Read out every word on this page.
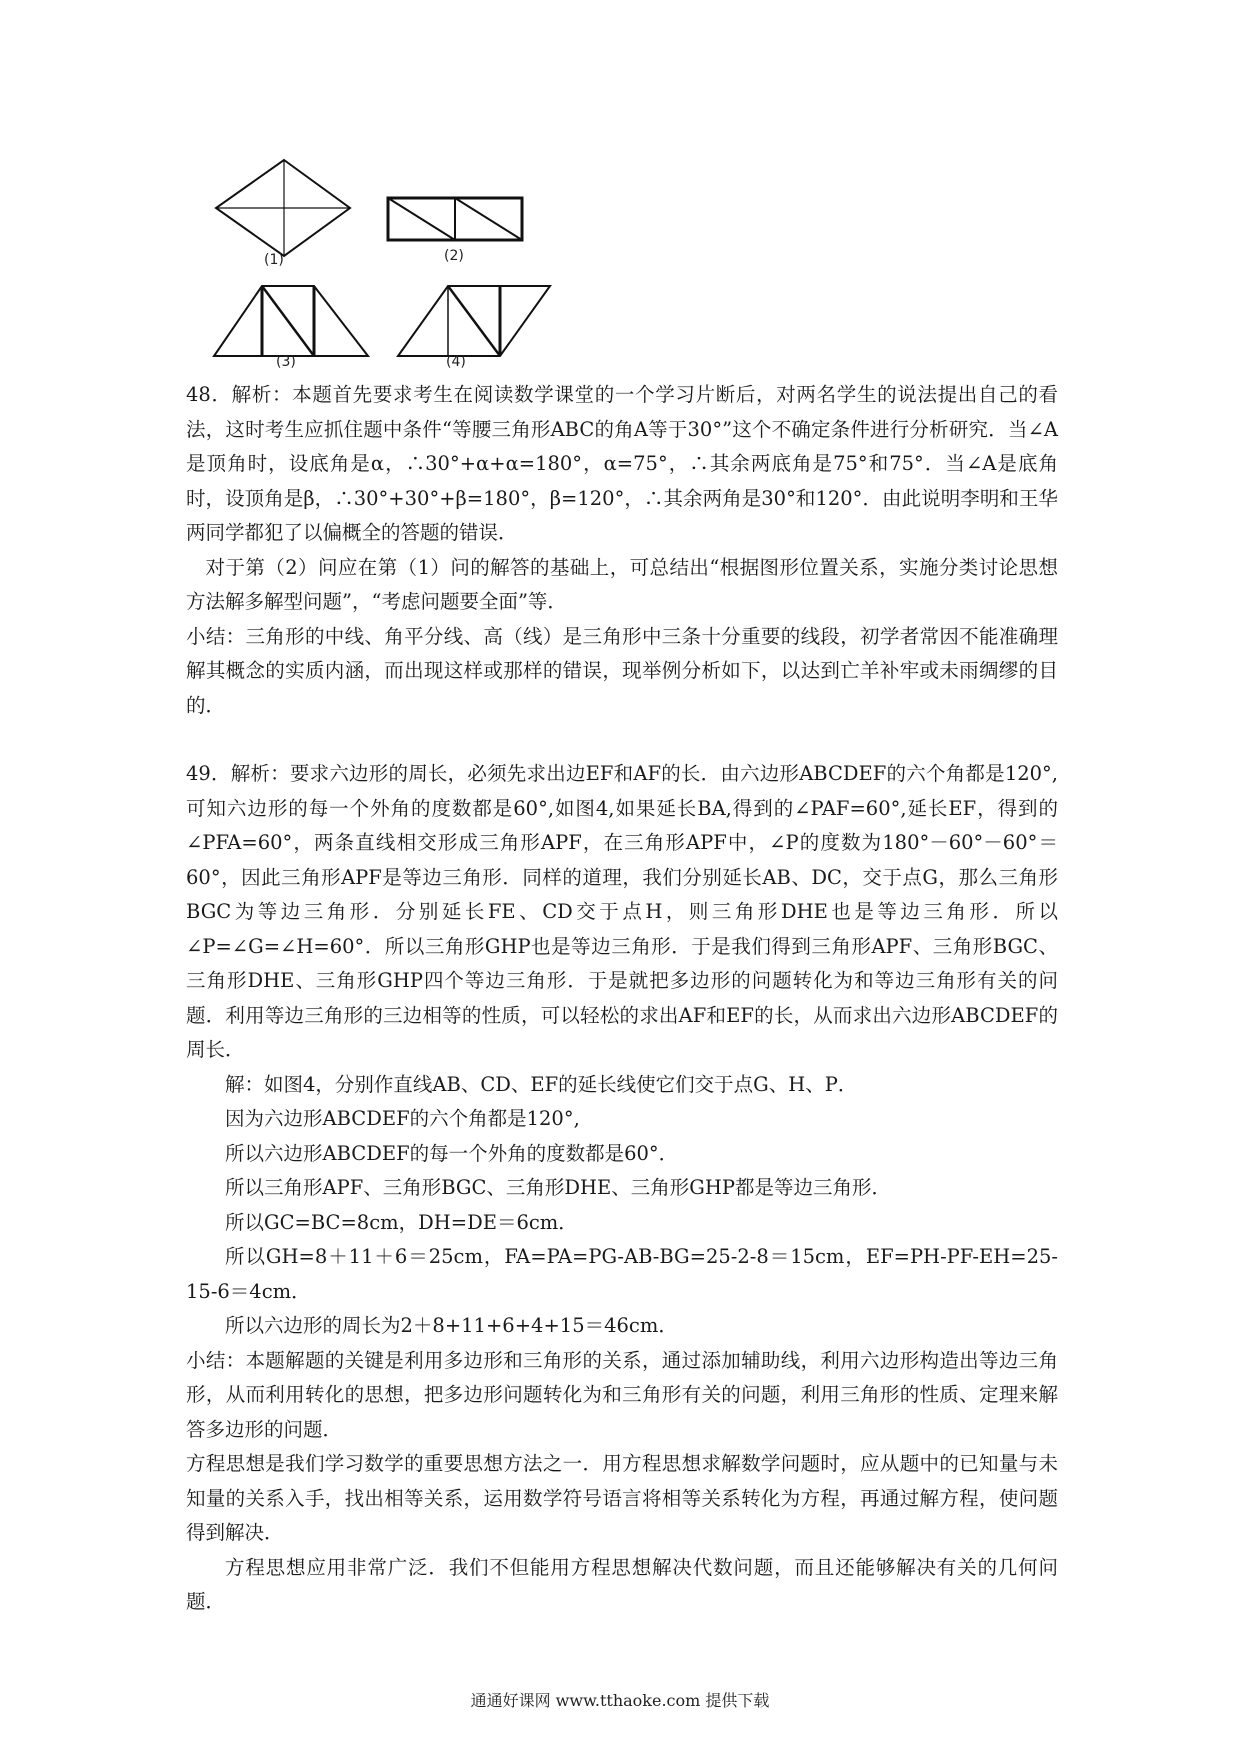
(1)	(2)
(3)	(4)

48．解析：本题首先要求考生在阅读数学课堂的一个学习片断后，对两名学生的说法提出自己的看法，这时考生应抓住题中条件“等腰三角形ABC的角A等于30°”这个不确定条件进行分析研究．当∠A是顶角时，设底角是α，∴30°+α+α=180°，α=75°，∴其余两底角是75°和75°．当∠A是底角时，设顶角是β，∴30°+30°+β=180°，β=120°，∴其余两角是30°和120°．由此说明李明和王华两同学都犯了以偏概全的答题的错误．

对于第（2）问应在第（1）问的解答的基础上，可总结出“根据图形位置关系，实施分类讨论思想方法解多解型问题”，“考虑问题要全面”等．

小结：三角形的中线、角平分线、高（线）是三角形中三条十分重要的线段，初学者常因不能准确理解其概念的实质内涵，而出现这样或那样的错误，现举例分析如下，以达到亡羊补牢或未雨绸缪的目的．

49．解析：要求六边形的周长，必须先求出边EF和AF的长．由六边形ABCDEF的六个角都是120°,可知六边形的每一个外角的度数都是60°,如图4,如果延长BA,得到的∠PAF=60°,延长EF，得到的∠PFA=60°，两条直线相交形成三角形APF，在三角形APF中，∠P的度数为180°－60°－60°＝60°，因此三角形APF是等边三角形．同样的道理，我们分别延长AB、DC，交于点G，那么三角形BGC为等边三角形．分别延长FE、CD交于点H，则三角形DHE也是等边三角形．所以∠P=∠G=∠H=60°．所以三角形GHP也是等边三角形．于是我们得到三角形APF、三角形BGC、三角形DHE、三角形GHP四个等边三角形．于是就把多边形的问题转化为和等边三角形有关的问题．利用等边三角形的三边相等的性质，可以轻松的求出AF和EF的长，从而求出六边形ABCDEF的周长．

解：如图4，分别作直线AB、CD、EF的延长线使它们交于点G、H、P．

因为六边形ABCDEF的六个角都是120°,

所以六边形ABCDEF的每一个外角的度数都是60°．

所以三角形APF、三角形BGC、三角形DHE、三角形GHP都是等边三角形．

所以GC=BC=8cm，DH=DE＝6cm．

所以GH=8＋11＋6＝25cm，FA=PA=PG-AB-BG=25-2-8＝15cm，EF=PH-PF-EH=25-15-6＝4cm．

所以六边形的周长为2＋8+11+6+4+15＝46cm．

小结：本题解题的关键是利用多边形和三角形的关系，通过添加辅助线，利用六边形构造出等边三角形，从而利用转化的思想，把多边形问题转化为和三角形有关的问题，利用三角形的性质、定理来解答多边形的问题．

方程思想是我们学习数学的重要思想方法之一．用方程思想求解数学问题时，应从题中的已知量与未知量的关系入手，找出相等关系，运用数学符号语言将相等关系转化为方程，再通过解方程，使问题得到解决．

方程思想应用非常广泛．我们不但能用方程思想解决代数问题，而且还能够解决有关的几何问题．

通通好课网 www.tthaoke.com 提供下载
